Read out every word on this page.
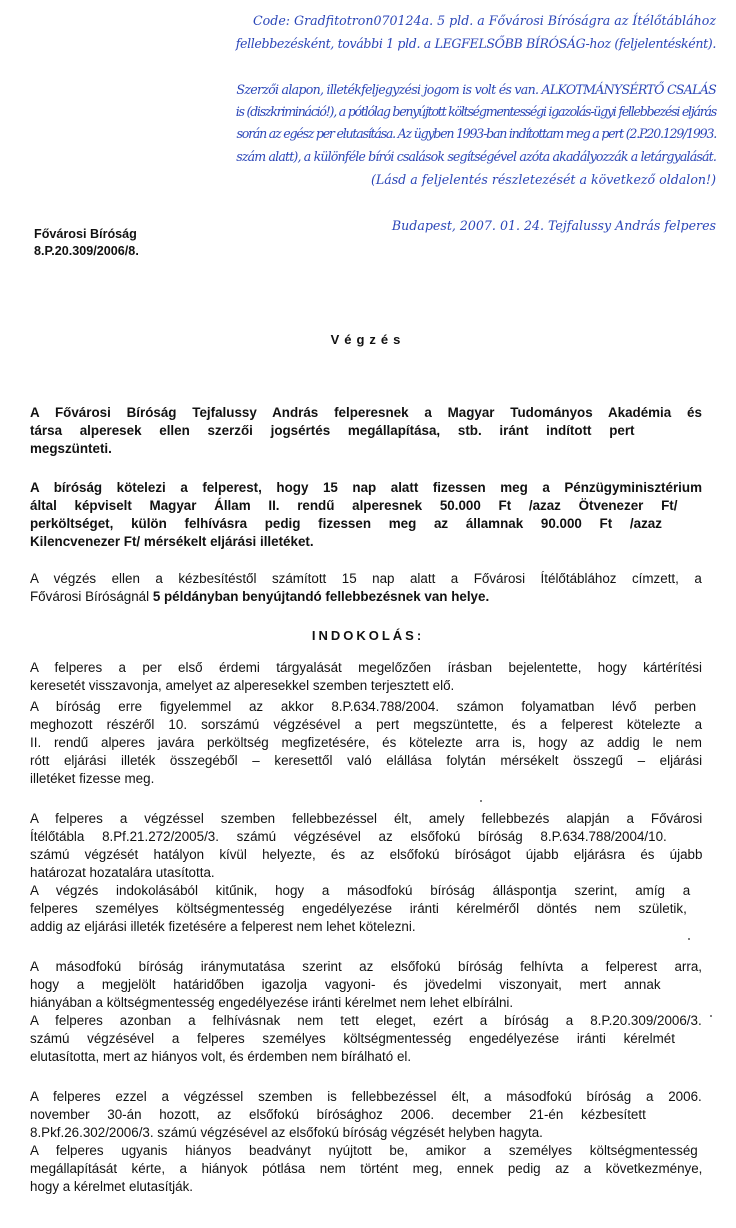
Code: Gradfitotron070124a. 5 pld. a Fővárosi Bíróságra az Ítélőtáblához
fellebbezésként, további 1 pld. a LEGFELSŐBB BÍRÓSÁG-hoz (feljelentésként).
Szerzői alapon, illetékfeljegyzési jogom is volt és van. ALKOTMÁNYSÉRTŐ CSALÁS
is (diszkrimináció!), a pótlólag benyújtott költségmentességi igazolás-ügyi fellebbezési eljárás
során az egész per elutasítása. Az ügyben 1993-ban indítottam meg a pert (2.P.20.129/1993.
szám alatt), a különféle bírói csalások segítségével azóta akadályozzák a letárgyalását.
(Lásd a feljelentés részletezését a következő oldalon!)
Budapest, 2007. 01. 24. Tejfalussy András felperes
Fővárosi Bíróság
8.P.20.309/2006/8.
Végzés
A Fővárosi Bíróság Tejfalussy András felperesnek a Magyar Tudományos Akadémia és
társa alperesek ellen szerzői jogsértés megállapítása, stb. iránt indított pert
megszünteti.
A bíróság kötelezi a felperest, hogy 15 nap alatt fizessen meg a Pénzügyminisztérium
által képviselt Magyar Állam II. rendű alperesnek 50.000 Ft /azaz Ötvenezer Ft/
perköltséget, külön felhívásra pedig fizessen meg az államnak 90.000 Ft /azaz
Kilencvenezer Ft/ mérsékelt eljárási illetéket.
A végzés ellen a kézbesítéstől számított 15 nap alatt a Fővárosi Ítélőtáblához címzett, a
Fővárosi Bíróságnál 5 példányban benyújtandó fellebbezésnek van helye.
A felperes a per első érdemi tárgyalását megelőzően írásban bejelentette, hogy kártérítési
keresetét visszavonja, amelyet az alperesekkel szemben terjesztett elő.
A bíróság erre figyelemmel az akkor 8.P.634.788/2004. számon folyamatban lévő perben
meghozott részéről 10. sorszámú végzésével a pert megszüntette, és a felperest kötelezte a
II. rendű alperes javára perköltség megfizetésére, és kötelezte arra is, hogy az addig le nem
rótt eljárási illeték összegéből – keresettől való elállása folytán mérsékelt összegű – eljárási
illetéket fizesse meg.
A felperes a végzéssel szemben fellebbezéssel élt, amely fellebbezés alapján a Fővárosi
Ítélőtábla 8.Pf.21.272/2005/3. számú végzésével az elsőfokú bíróság 8.P.634.788/2004/10.
számú végzését hatályon kívül helyezte, és az elsőfokú bíróságot újabb eljárásra és újabb
határozat hozatalára utasította.
A végzés indokolásából kitűnik, hogy a másodfokú bíróság álláspontja szerint, amíg a
felperes személyes költségmentesség engedélyezése iránti kérelméről döntés nem születik,
addig az eljárási illeték fizetésére a felperest nem lehet kötelezni.
A másodfokú bíróság iránymutatása szerint az elsőfokú bíróság felhívta a felperest arra,
hogy a megjelölt határidőben igazolja vagyoni- és jövedelmi viszonyait, mert annak
hiányában a költségmentesség engedélyezése iránti kérelmet nem lehet elbírálni.
A felperes azonban a felhívásnak nem tett eleget, ezért a bíróság a 8.P.20.309/2006/3.
számú végzésével a felperes személyes költségmentesség engedélyezése iránti kérelmét
elutasította, mert az hiányos volt, és érdemben nem bírálható el.
A felperes ezzel a végzéssel szemben is fellebbezéssel élt, a másodfokú bíróság a 2006.
november 30-án hozott, az elsőfokú bírósághoz 2006. december 21-én kézbesített
8.Pkf.26.302/2006/3. számú végzésével az elsőfokú bíróság végzését helyben hagyta.
A felperes ugyanis hiányos beadványt nyújtott be, amikor a személyes költségmentesség
megállapítását kérte, a hiányok pótlása nem történt meg, ennek pedig az a következménye,
hogy a kérelmet elutasítják.
INDOKOLÁS:
